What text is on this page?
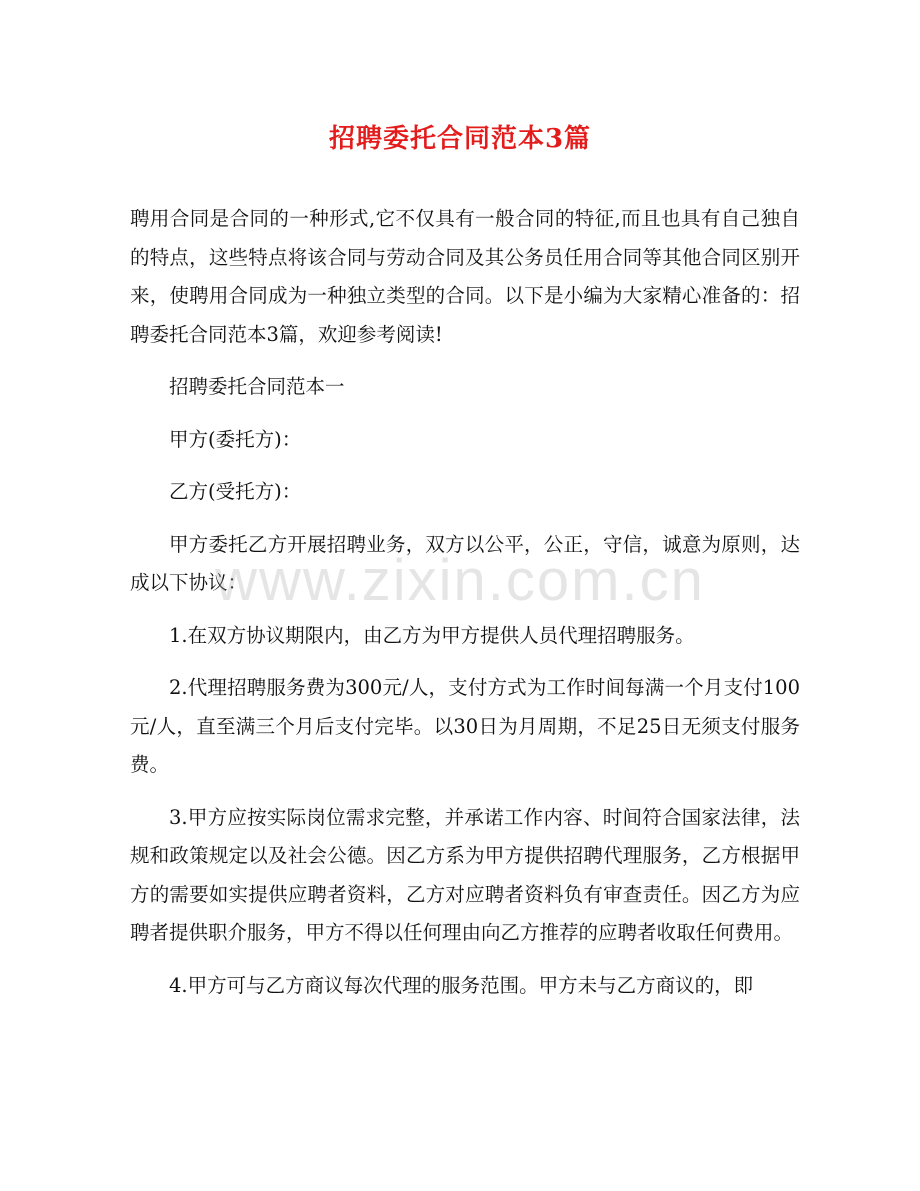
招聘委托合同范本3篇

聘用合同是合同的一种形式,它不仅具有一般合同的特征,而且也具有自己独自的特点，这些特点将该合同与劳动合同及其公务员任用合同等其他合同区别开来，使聘用合同成为一种独立类型的合同。以下是小编为大家精心准备的：招聘委托合同范本3篇，欢迎参考阅读!

招聘委托合同范本一

甲方(委托方)：

乙方(受托方)：

甲方委托乙方开展招聘业务，双方以公平，公正，守信，诚意为原则，达成以下协议：

1.在双方协议期限内，由乙方为甲方提供人员代理招聘服务。

2.代理招聘服务费为300元/人，支付方式为工作时间每满一个月支付100元/人，直至满三个月后支付完毕。以30日为月周期，不足25日无须支付服务费。

3.甲方应按实际岗位需求完整，并承诺工作内容、时间符合国家法律，法规和政策规定以及社会公德。因乙方系为甲方提供招聘代理服务，乙方根据甲方的需要如实提供应聘者资料，乙方对应聘者资料负有审查责任。因乙方为应聘者提供职介服务，甲方不得以任何理由向乙方推荐的应聘者收取任何费用。

4.甲方可与乙方商议每次代理的服务范围。甲方未与乙方商议的，即

www.zixin.com.cn
